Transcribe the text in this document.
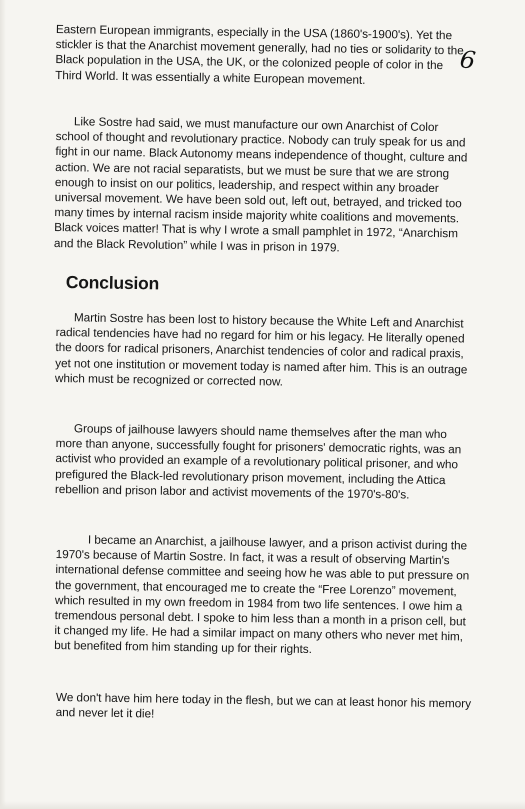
6

Eastern European immigrants, especially in the USA (1860's-1900's). Yet the stickler is that the Anarchist movement generally, had no ties or solidarity to the Black population in the USA, the UK, or the colonized people of color in the Third World. It was essentially a white European movement.

Like Sostre had said, we must manufacture our own Anarchist of Color school of thought and revolutionary practice. Nobody can truly speak for us and fight in our name. Black Autonomy means independence of thought, culture and action. We are not racial separatists, but we must be sure that we are strong enough to insist on our politics, leadership, and respect within any broader universal movement. We have been sold out, left out, betrayed, and tricked too many times by internal racism inside majority white coalitions and movements. Black voices matter! That is why I wrote a small pamphlet in 1972, “Anarchism and the Black Revolution” while I was in prison in 1979.

Conclusion

Martin Sostre has been lost to history because the White Left and Anarchist radical tendencies have had no regard for him or his legacy. He literally opened the doors for radical prisoners, Anarchist tendencies of color and radical praxis, yet not one institution or movement today is named after him. This is an outrage which must be recognized or corrected now.

Groups of jailhouse lawyers should name themselves after the man who more than anyone, successfully fought for prisoners' democratic rights, was an activist who provided an example of a revolutionary political prisoner, and who prefigured the Black-led revolutionary prison movement, including the Attica rebellion and prison labor and activist movements of the 1970's-80's.

I became an Anarchist, a jailhouse lawyer, and a prison activist during the 1970's because of Martin Sostre. In fact, it was a result of observing Martin's international defense committee and seeing how he was able to put pressure on the government, that encouraged me to create the “Free Lorenzo” movement, which resulted in my own freedom in 1984 from two life sentences. I owe him a tremendous personal debt. I spoke to him less than a month in a prison cell, but it changed my life. He had a similar impact on many others who never met him, but benefited from him standing up for their rights.

We don't have him here today in the flesh, but we can at least honor his memory and never let it die!
